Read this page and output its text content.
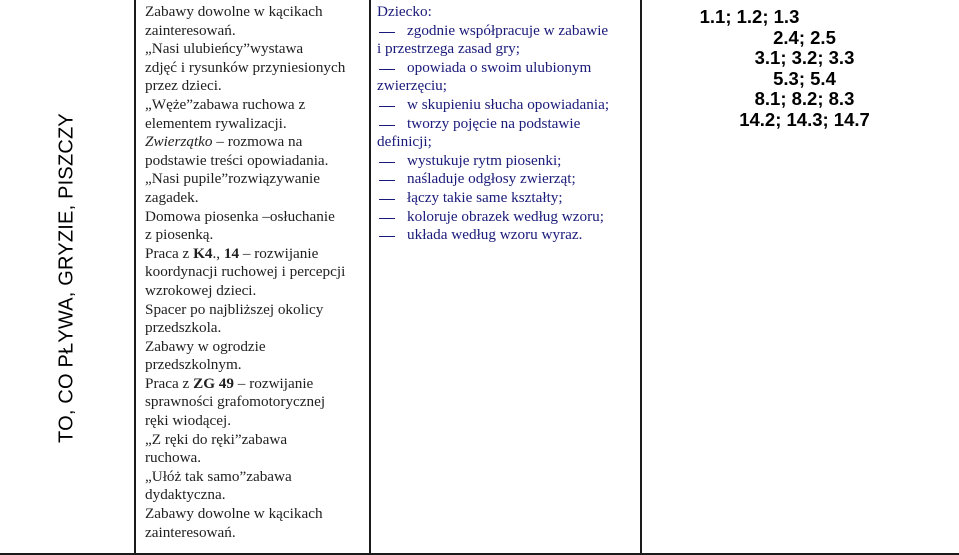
TO, CO PŁYWA, GRYZIE, PISZCZY
Zabawy dowolne w kącikach
zainteresowań.
„Nasi ulubieńcy”wystawa
zdjęć i rysunków przyniesionych
przez dzieci.
„Węże”zabawa ruchowa z
elementem rywalizacji.
Zwierzątko – rozmowa na
podstawie treści opowiadania.
„Nasi pupile”rozwiązywanie
zagadek.
Domowa piosenka –osłuchanie
z piosenką.
Praca z K4., 14 – rozwijanie
koordynacji ruchowej i percepcji
wzrokowej dzieci.
Spacer po najbliższej okolicy
przedszkola.
Zabawy w ogrodzie
przedszkolnym.
Praca z ZG 49 – rozwijanie
sprawności grafomotorycznej
ręki wiodącej.
„Z ręki do ręki”zabawa
ruchowa.
„Ułóż tak samo”zabawa
dydaktyczna.
Zabawy dowolne w kącikach
zainteresowań.
Dziecko:
zgodnie współpracuje w zabawie
i przestrzega zasad gry;
opowiada o swoim ulubionym
zwierzęciu;
w skupieniu słucha opowiadania;
tworzy pojęcie na podstawie
definicji;
wystukuje rytm piosenki;
naśladuje odgłosy zwierząt;
łączy takie same kształty;
koloruje obrazek według wzoru;
układa według wzoru wyraz.
1.1; 1.2; 1.3
2.4; 2.5
3.1; 3.2; 3.3
5.3; 5.4
8.1; 8.2; 8.3
14.2; 14.3; 14.7
